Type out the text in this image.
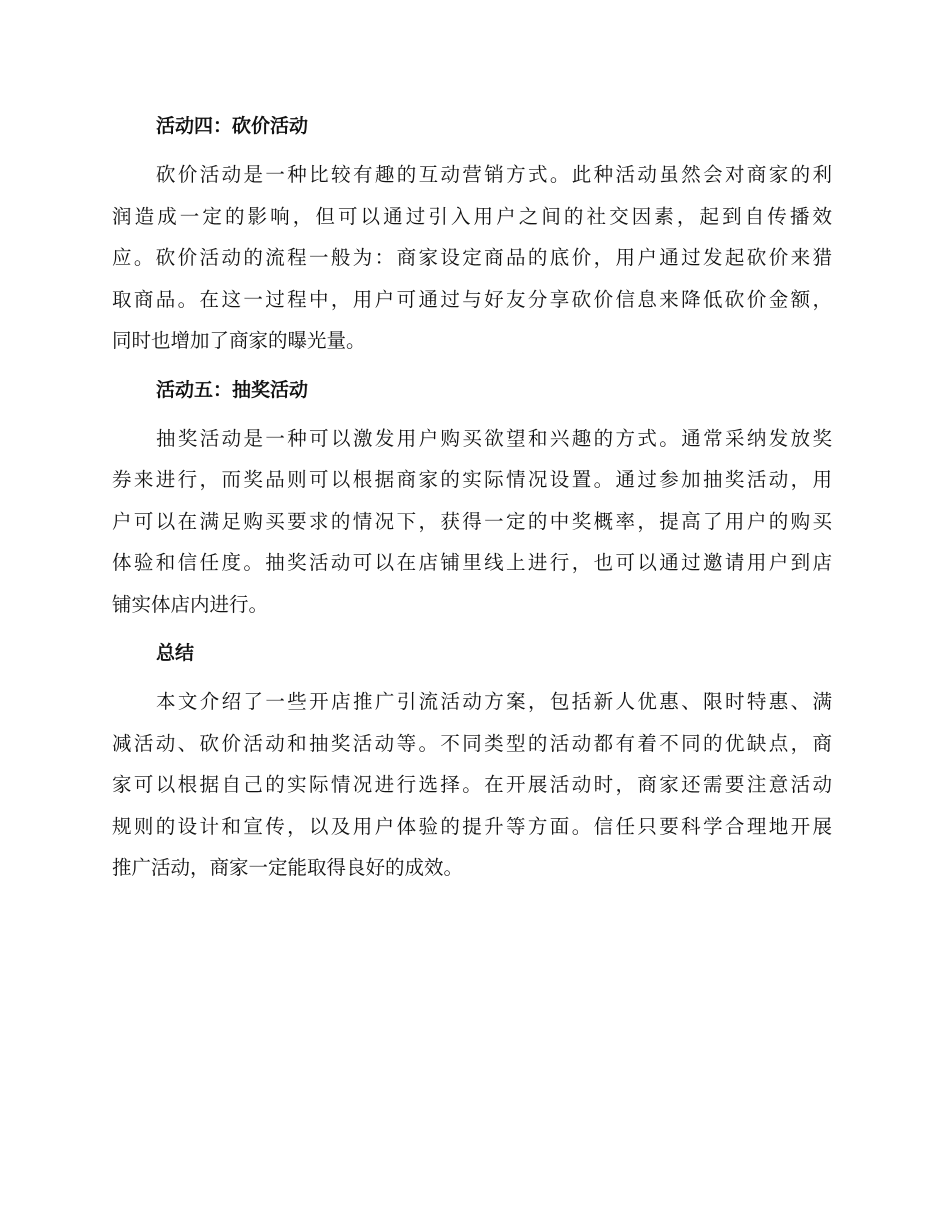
活动四：砍价活动
砍价活动是一种比较有趣的互动营销方式。此种活动虽然会对商家的利
润造成一定的影响，但可以通过引入用户之间的社交因素，起到自传播效
应。砍价活动的流程一般为：商家设定商品的底价，用户通过发起砍价来猎
取商品。在这一过程中，用户可通过与好友分享砍价信息来降低砍价金额，
同时也增加了商家的曝光量。
活动五：抽奖活动
抽奖活动是一种可以激发用户购买欲望和兴趣的方式。通常采纳发放奖
券来进行，而奖品则可以根据商家的实际情况设置。通过参加抽奖活动，用
户可以在满足购买要求的情况下，获得一定的中奖概率，提高了用户的购买
体验和信任度。抽奖活动可以在店铺里线上进行，也可以通过邀请用户到店
铺实体店内进行。
总结
本文介绍了一些开店推广引流活动方案，包括新人优惠、限时特惠、满
减活动、砍价活动和抽奖活动等。不同类型的活动都有着不同的优缺点，商
家可以根据自己的实际情况进行选择。在开展活动时，商家还需要注意活动
规则的设计和宣传，以及用户体验的提升等方面。信任只要科学合理地开展
推广活动，商家一定能取得良好的成效。
